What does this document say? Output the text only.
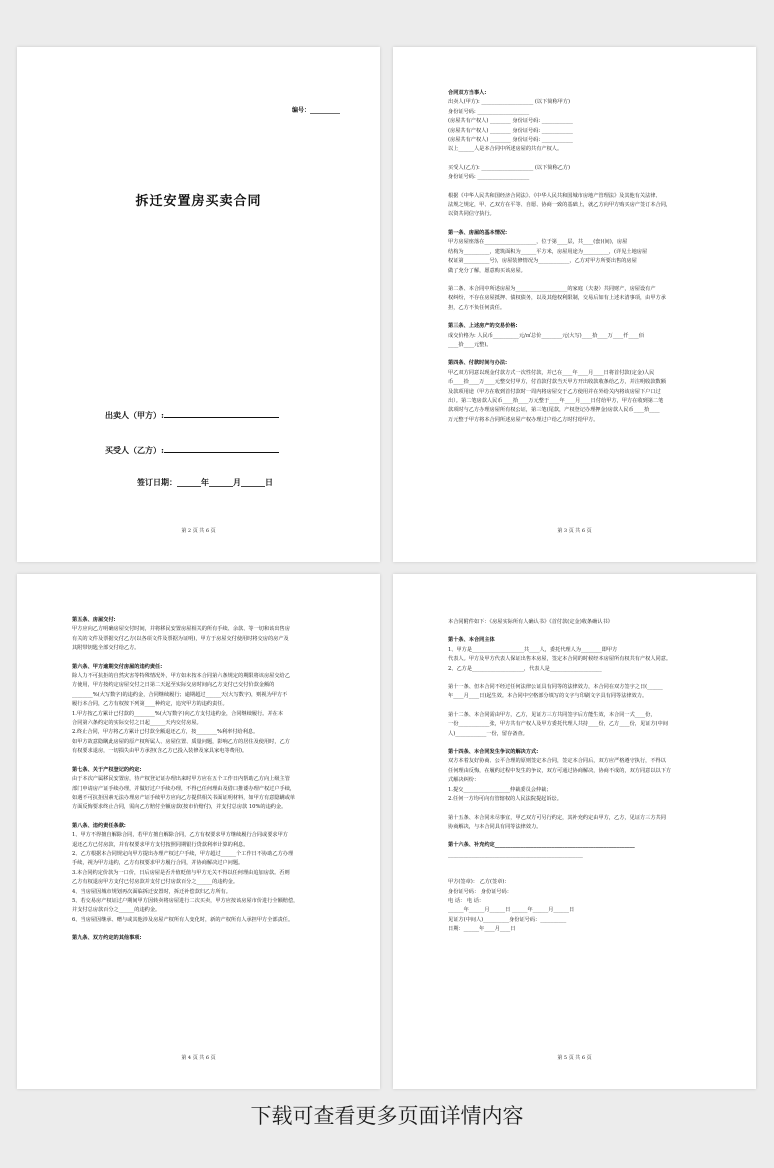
编号：__________
拆迁安置房买卖合同
出卖人（甲方）:
买受人（乙方）:
签订日期：______年______月______日
第 2 页 共 6 页
合同双方当事人:
出卖人(甲方): ____________________ (以下简称甲方)
身份证号码: ____________________
(房屋共有产权人) ________ 身份证号码: ____________
(房屋共有产权人) ________ 身份证号码: ____________
(房屋共有产权人) ________ 身份证号码: ____________
以上______人是本合同中所述房屋的共有产权人。
买受人(乙方): ____________________ (以下简称乙方)
身份证号码: ____________________
根据《中华人民共和国经济合同法》、《中华人民共和国城市房地产管理法》及其他有关法律、
法规之规定，甲、乙双方在平等、自愿、协商一致的基础上，就乙方向甲方购买房产签订本合同，
以资共同信守执行。
第一条、房屋的基本情况:
甲方房屋座落在____________________，位于第____层，共____(套)(间)，房屋
结构为__________，建筑面积为______平方米，房屋用途为__________，(详见土地房屋
权证第__________号)，房屋装修情况为____________，乙方对甲方所要出售的房屋
做了充分了解，愿意购买该房屋。
第二条、本合同中所述房屋为____________________的家庭（夫妻）共同财产，房屋设有产
权纠纷，不存在房屋抵押、债权债务，以及其他权利限制，交易后如有上述未清事项，由甲方承
担，乙方不负任何责任。
第三条、上述房产的交易价格:
成交价格为: 人民币__________元/㎡总价________元(大写)____拾____万____仟____佰
____拾____元整)。
第四条、付款时间与办法:
甲乙双方同意以现金付款方式一次性付款，并已在____年____月____日将首付款(定金)人民
币____拾____万____元整交付甲方，付首款付款当天甲方开出收款收条给乙方，并注明收款数额
及款项用途（甲方在收到首付款时一周内将房屋交于乙方使用并在外给关内将该房屋下户口过
出）。第二笔房款人民币____拾____万元整于____年____月____日付给甲方，甲方在收到第二笔
款项时与乙方办理房屋所有权公证，第三笔(尾款，产权登记办理押金)房款人民币____拾____
万元整于甲方将本合同所述房屋产权办理过户给乙方时付给甲方。
第 3 页 共 6 页
第五条、房屋交付:
甲方应向乙方明确房屋交付时间，并将移民安置房屋相关的所有手续、余款、等一切和该出售房
有关的文件及票据交付乙方(以各项文件及票据为证明)，甲方于房屋交付使用时将交房的房产及
其附带钥匙全部交付给乙方。
第六条、甲方逾期交付房屋的违约责任:
除人力不可抗拒的自然灾害等特殊情况外，甲方如未按本合同第六条规定的期限将该房屋交给乙
方使用，甲方按约定房屋交付之日第二天起至实际交房时间向乙方支付已交付价款金额的
________%(大写数字)的违约金，合同继续履行；逾期超过______天(大写数字)，则视为甲方不
履行本合同，乙方有权按下列第____种约定，追究甲方的违约责任。
1.甲方按乙方累计已付款的________%(大写数字)向乙方支付违约金，合同继续履行。并在本
合同第六条约定的实际交付之日起______天内交付房屋。
2.终止合同，甲方将乙方累计已付款全额退还乙方，按________%利率付给利息。
如甲方故意隐瞒此房屋的原产权所属人、房屋位置、质量问题，影响乙方的居住及使用时，乙方
有权要求退房，一切损失由甲方承担(含乙方已投入装修及家具家电等费用)。
第七条、关于产权登记的约定:
由于本次产属移民安置房，待产权登记证办理出来时甲方应在五个工作日内帮助乙方向上级主管
部门申请房产证手续办理，并做好过户手续办理，不得已任何理由及借口推诿办理产权过户手续，
如遇不可抗拒因素无法办理房产证手续甲方应向乙方提供相关书面证明材料，如甲方有意隐瞒或单
方面反悔要求终止合同，需向乙方赔付全额房款(按市价赔付)，并支付总房款 10%的违约金。
第八条、违约责任条款:
1、甲方不得擅自解除合同，若甲方擅自解除合同，乙方有权要求甲方继续履行合同或要求甲方
退还乙方已付房款，并有权要求甲方支付按照同期银行贷款利率计算的利息。
2、乙方根据本合同规定向甲方提出办理产权过户手续，甲方超过______个工作日不协助乙方办理
手续，视为甲方违约，乙方有权要求甲方履行合同，并协商解决过户问题。
3.本合同约定价款为一口价，日后房屋是否升值贬值与甲方无关不得以任何理由追加房款。否则
乙方有权退房甲方支付已付房款并支付已付房款百分之______的违约金。
4、当房屋因城市规划再次面临拆迁安置时，拆迁补偿款归乙方所有。
5、若交易房产权证过户期间甲方因转卖将房屋进行二次买卖，甲方应按该房屋市价进行全额赔偿，
并支付总房款百分之______的违约金。
6、当房屋因继承、赠与或其他涉及房屋产权所有人变化时，新的产权所有人承担甲方全部责任。
第九条、双方约定的其他事项:
第 4 页 共 6 页
本合同附件如下：《房屋实际所有人确认书》《首付款(定金)收条确认书》
第十条、本合同主体
1、甲方是____________________共____人，委托代理人为________即甲方
代表人。甲方及甲方代表人保证出售本房屋，签定本合同的时候经本房屋所有权共有产权人同意。
2、乙方是____________________，代表人是____________________
第十一条、但本合同不经过任何法律公证具有同等的法律效力，本合同在双方签字之日(______
年____月____日)起生效。本合同中空格部分填写的文字与印刷文字具有同等法律效力。
第十二条、本合同需由甲方，乙方，见证方三方共同签字后方能生效，本合同一式____份，
一份____________张，甲方共有产权人及甲方委托代理人共持____份，乙方____份，见证方(中间
人)____________一份，留存备查。
第十四条、本合同发生争议的解决方式:
双方本着友好协商、公平合理的原则签定本合同，签定本合同后，双方应严格遵守执行，不得以
任何理由反悔，在履约过程中发生的争议，双方可通过协商解决，协商不成的，双方同意以以下方
式解决纠纷：
1.提交__________________仲裁委员会仲裁；
2.任何一方均可向有管辖权的人民法院提起诉讼。
第十五条、本合同未尽事宜，甲乙双方可另行约定，其补充约定由甲方，乙方，见证方三方共同
协商解决，与本合同具有同等法律效力。
第十六条、补充约定______________________________________________________
____________________________________________________
甲方(签章)： 乙方(签章)：
身份证号码： 身份证号码：
电 话： 电 话：
______年______月______日 ______年______月______日
见证方(中间人)__________身份证号码：__________
日期：______年____月____日
第 5 页 共 6 页
下载可查看更多页面详情内容
